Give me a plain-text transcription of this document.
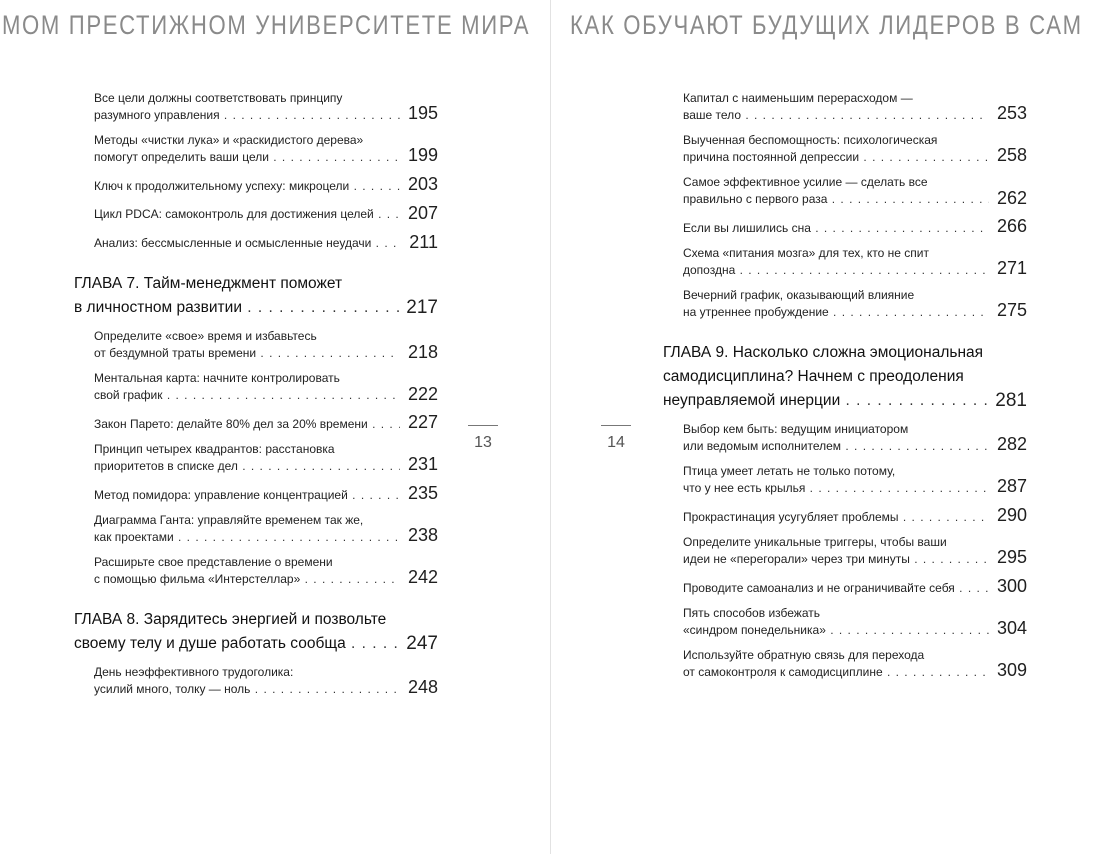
МОМ ПРЕСТИЖНОМ УНИВЕРСИТЕТЕ МИРА
Все цели должны соответствовать принципу
разумного управления . . .	195
Методы «чистки лука» и «раскидистого дерева»
помогут определить ваши цели . . .	199
Ключ к продолжительному успеху: микроцели . . .	203
Цикл PDCA: самоконтроль для достижения целей . . .	207
Анализ: бессмысленные и осмысленные неудачи . . .	211
ГЛАВА 7. Тайм-менеджмент поможет
в личностном развитии . . .	217
Определите «свое» время и избавьтесь
от бездумной траты времени . . .	218
Ментальная карта: начните контролировать
свой график . . .	222
Закон Парето: делайте 80% дел за 20% времени . . .	227
Принцип четырех квадрантов: расстановка
приоритетов в списке дел . . .	231
Метод помидора: управление концентрацией . . .	235
Диаграмма Ганта: управляйте временем так же,
как проектами . . .	238
Расширьте свое представление о времени
с помощью фильма «Интерстеллар» . . .	242
ГЛАВА 8. Зарядитесь энергией и позвольте
своему телу и душе работать сообща . . .	247
День неэффективного трудоголика:
усилий много, толку — ноль . . .	248
13
КАК ОБУЧАЮТ БУДУЩИХ ЛИДЕРОВ В САМ
Капитал с наименьшим перерасходом —
ваше тело . . .	253
Выученная беспомощность: психологическая
причина постоянной депрессии . . .	258
Самое эффективное усилие — сделать все
правильно с первого раза . . .	262
Если вы лишились сна . . .	266
Схема «питания мозга» для тех, кто не спит
допоздна . . .	271
Вечерний график, оказывающий влияние
на утреннее пробуждение . . .	275
ГЛАВА 9. Насколько сложна эмоциональная
самодисциплина? Начнем с преодоления
неуправляемой инерции . . .	281
Выбор кем быть: ведущим инициатором
или ведомым исполнителем . . .	282
Птица умеет летать не только потому,
что у нее есть крылья . . .	287
Прокрастинация усугубляет проблемы . . .	290
Определите уникальные триггеры, чтобы ваши
идеи не «перегорали» через три минуты . . .	295
Проводите самоанализ и не ограничивайте себя . . .	300
Пять способов избежать
«синдром понедельника» . . .	304
Используйте обратную связь для перехода
от самоконтроля к самодисциплине . . .	309
14
